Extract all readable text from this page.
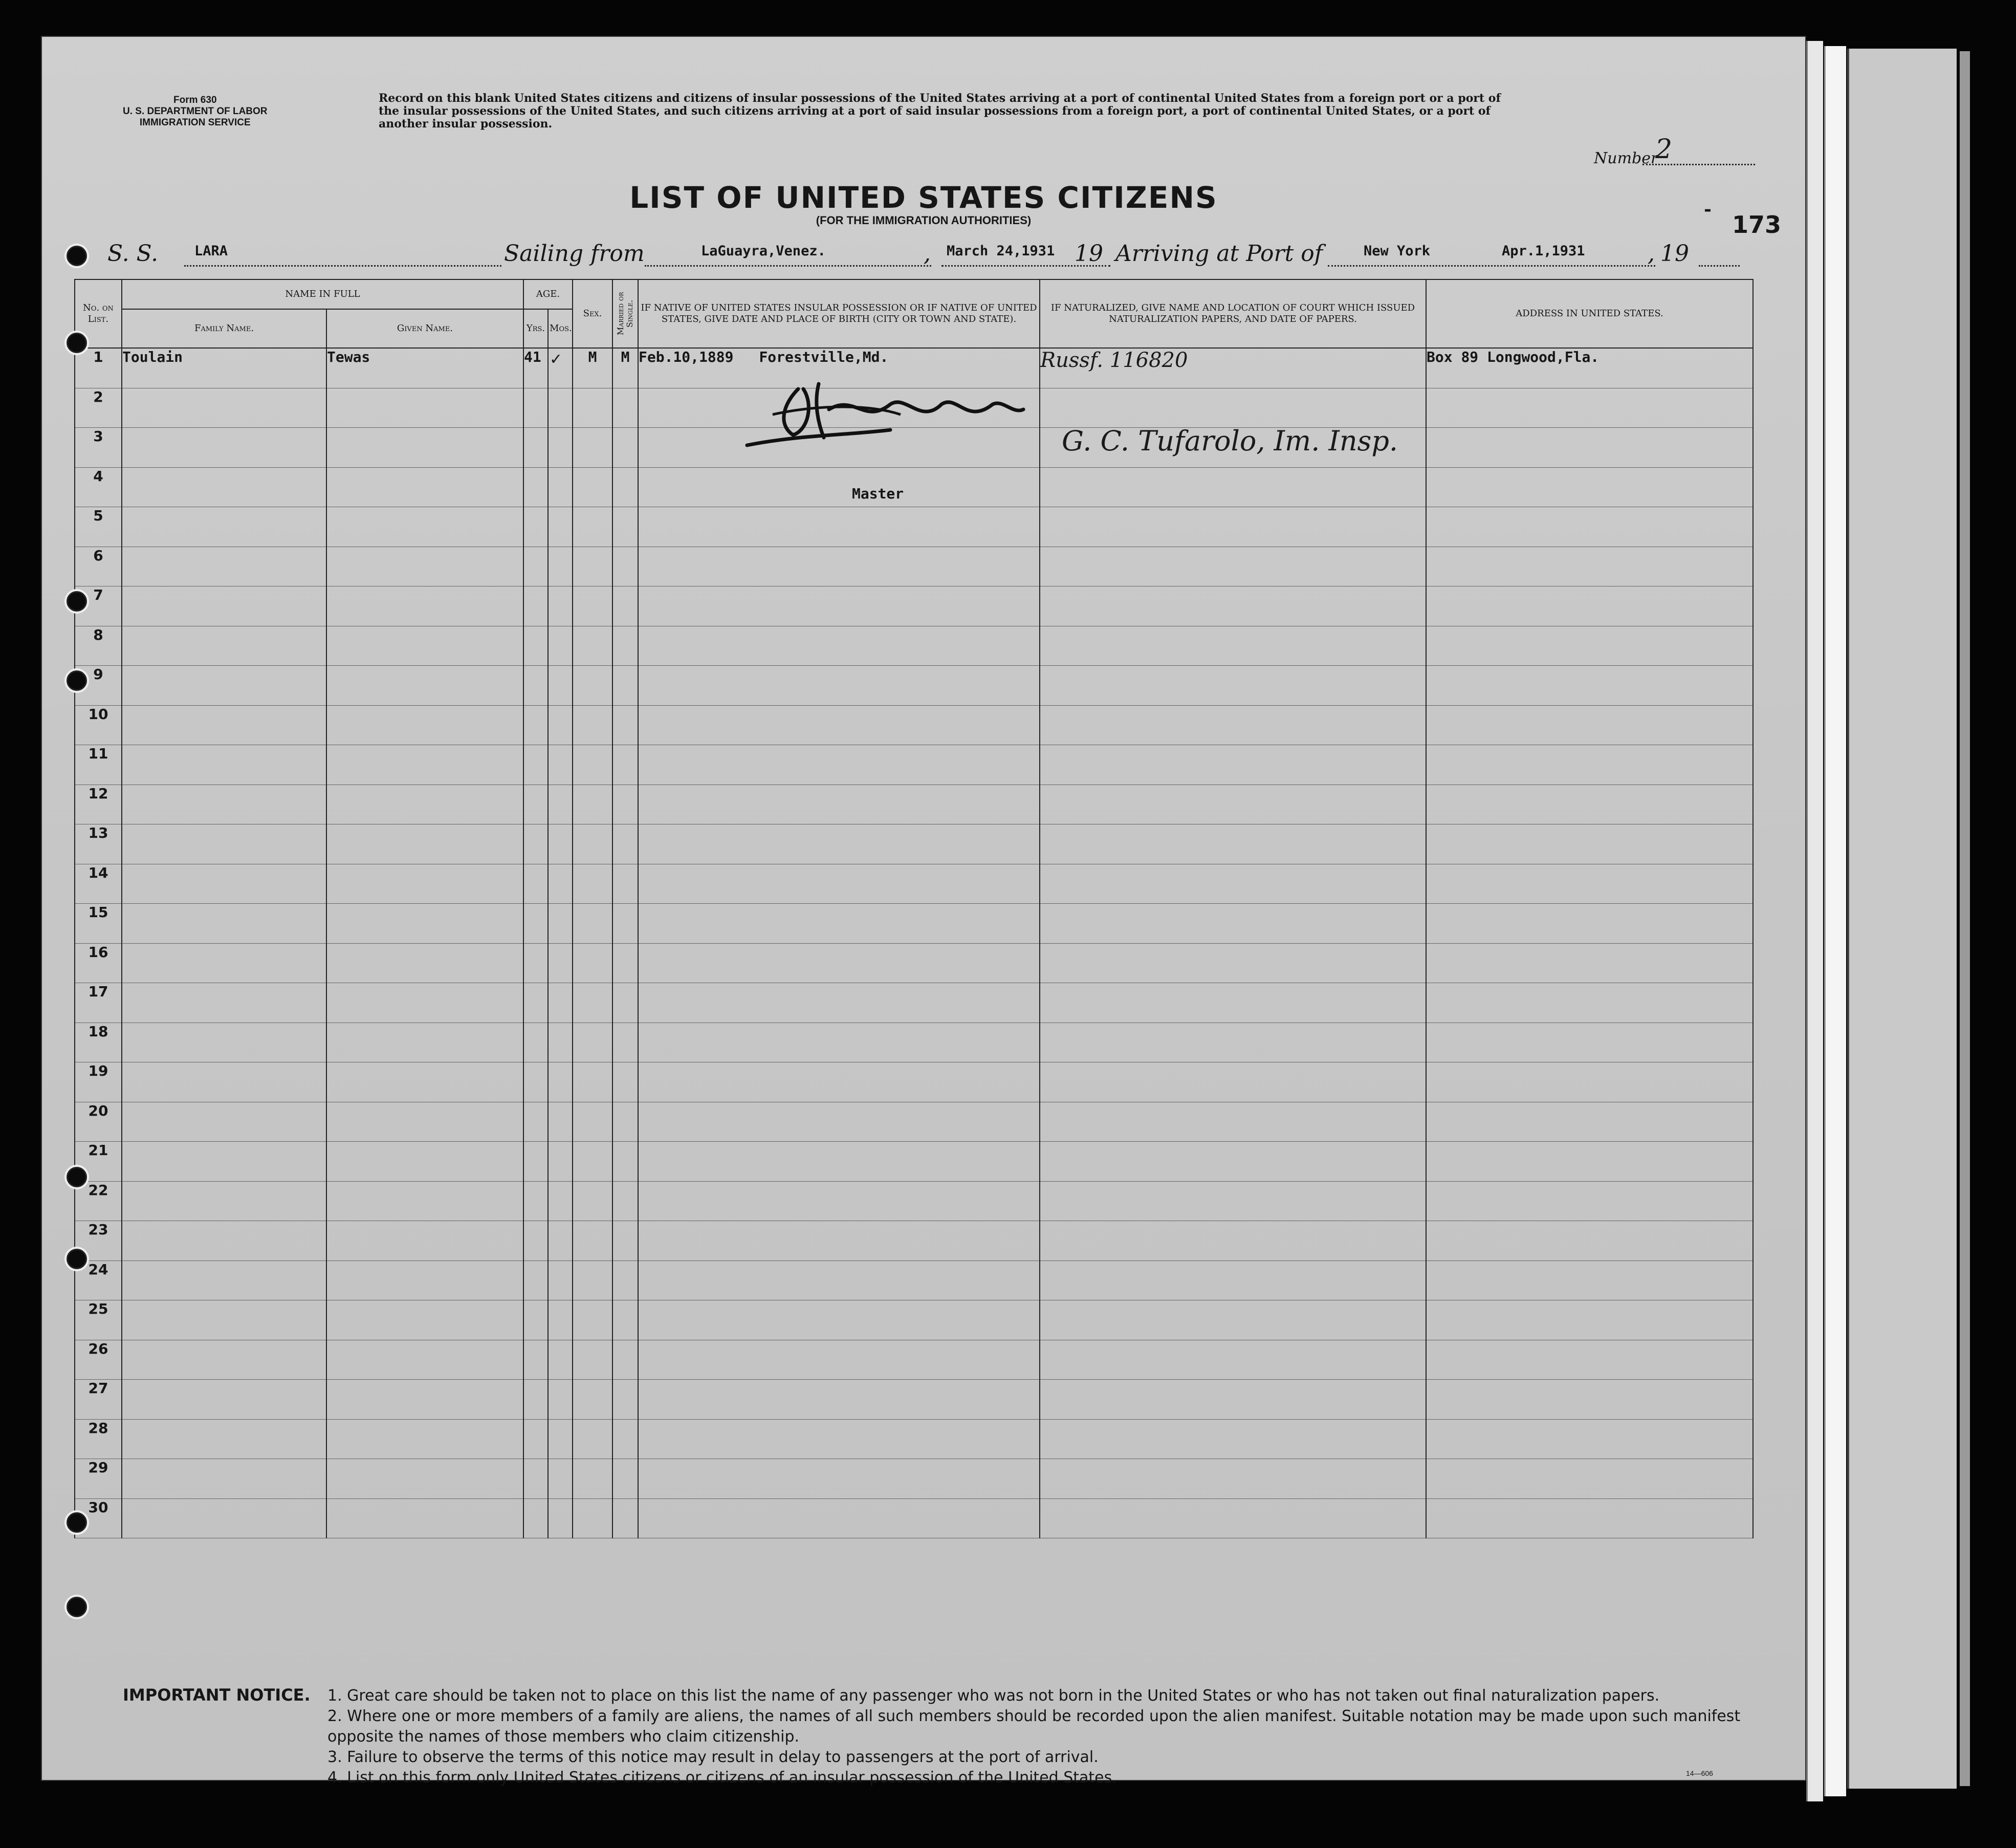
Form 630
U. S. DEPARTMENT OF LABOR
IMMIGRATION SERVICE
Record on this blank United States citizens and citizens of insular possessions of the United States arriving at a port of continental United States from a foreign port or a port of the insular possessions of the United States, and such citizens arriving at a port of said insular possessions from a foreign port, a port of continental United States, or a port of another insular possession.
Number
2
-
173
LIST OF UNITED STATES CITIZENS
(FOR THE IMMIGRATION AUTHORITIES)
S. S.	LARA	Sailing from	LaGuayra,Venez.	, March 24,1931 19 Arriving at Port of	New York	Apr.1,1931	, 19
No. on List.	NAME IN FULL		AGE.		Sex.	Married or Single.	IF NATIVE OF UNITED STATES INSULAR POSSESSION OR IF NATIVE OF UNITED STATES, GIVE DATE AND PLACE OF BIRTH (CITY OR TOWN AND STATE).	IF NATURALIZED, GIVE NAME AND LOCATION OF COURT WHICH ISSUED NATURALIZATION PAPERS, AND DATE OF PAPERS.	ADDRESS IN UNITED STATES.
	Family Name.	Given Name.	Yrs.	Mos.					
1	Toulain	Tewas	41	✓	M	M	Feb.10,1889 Forestville,Md.	Russf. 116820	Box 89 Longwood,Fla.
2									
3									
4									
5									
6									
7									
8									
9									
10									
11									
12									
13									
14									
15									
16									
17									
18									
19									
20									
21									
22									
23									
24									
25									
26									
27									
28									
29									
30									
Master
G. C. Tufarolo, Im. Insp.
IMPORTANT NOTICE. 1. Great care should be taken not to place on this list the name of any passenger who was not born in the United States or who has not taken out final naturalization papers.
2. Where one or more members of a family are aliens, the names of all such members should be recorded upon the alien manifest. Suitable notation may be made upon such manifest opposite the names of those members who claim citizenship.
3. Failure to observe the terms of this notice may result in delay to passengers at the port of arrival.
4. List on this form only United States citizens or citizens of an insular possession of the United States.	14—606
